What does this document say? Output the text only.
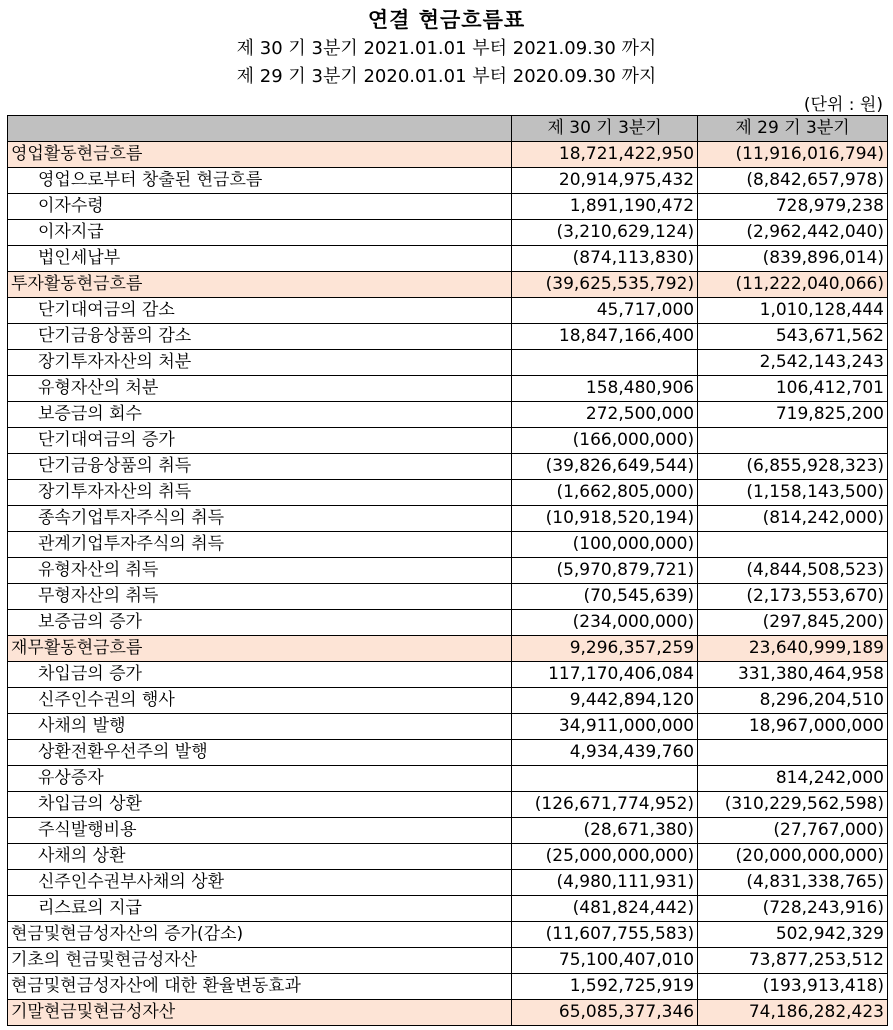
연결 현금흐름표
제 30 기 3분기 2021.01.01 부터 2021.09.30 까지
제 29 기 3분기 2020.01.01 부터 2020.09.30 까지
(단위 : 원)
	제 30 기 3분기	제 29 기 3분기
영업활동현금흐름	18,721,422,950	(11,916,016,794)
영업으로부터 창출된 현금흐름	20,914,975,432	(8,842,657,978)
이자수령	1,891,190,472	728,979,238
이자지급	(3,210,629,124)	(2,962,442,040)
법인세납부	(874,113,830)	(839,896,014)
투자활동현금흐름	(39,625,535,792)	(11,222,040,066)
단기대여금의 감소	45,717,000	1,010,128,444
단기금융상품의 감소	18,847,166,400	543,671,562
장기투자자산의 처분		2,542,143,243
유형자산의 처분	158,480,906	106,412,701
보증금의 회수	272,500,000	719,825,200
단기대여금의 증가	(166,000,000)	
단기금융상품의 취득	(39,826,649,544)	(6,855,928,323)
장기투자자산의 취득	(1,662,805,000)	(1,158,143,500)
종속기업투자주식의 취득	(10,918,520,194)	(814,242,000)
관계기업투자주식의 취득	(100,000,000)	
유형자산의 취득	(5,970,879,721)	(4,844,508,523)
무형자산의 취득	(70,545,639)	(2,173,553,670)
보증금의 증가	(234,000,000)	(297,845,200)
재무활동현금흐름	9,296,357,259	23,640,999,189
차입금의 증가	117,170,406,084	331,380,464,958
신주인수권의 행사	9,442,894,120	8,296,204,510
사채의 발행	34,911,000,000	18,967,000,000
상환전환우선주의 발행	4,934,439,760	
유상증자		814,242,000
차입금의 상환	(126,671,774,952)	(310,229,562,598)
주식발행비용	(28,671,380)	(27,767,000)
사채의 상환	(25,000,000,000)	(20,000,000,000)
신주인수권부사채의 상환	(4,980,111,931)	(4,831,338,765)
리스료의 지급	(481,824,442)	(728,243,916)
현금및현금성자산의 증가(감소)	(11,607,755,583)	502,942,329
기초의 현금및현금성자산	75,100,407,010	73,877,253,512
현금및현금성자산에 대한 환율변동효과	1,592,725,919	(193,913,418)
기말현금및현금성자산	65,085,377,346	74,186,282,423
